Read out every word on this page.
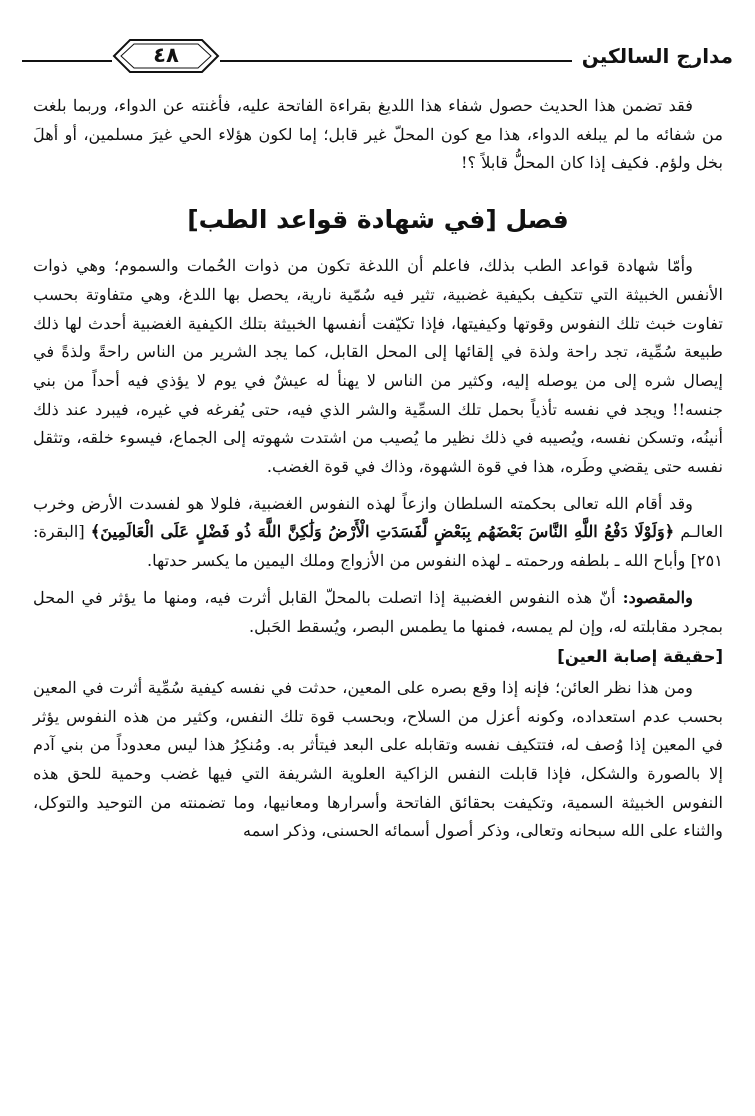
مدارج السالكين
٤٨

فقد تضمن هذا الحديث حصول شفاء هذا اللديغ بقراءة الفاتحة عليه، فأغنته عن الدواء، وربما بلغت من شفائه ما لم يبلغه الدواء، هذا مع كون المحلّ غير قابل؛ إما لكون هؤلاء الحي غيرَ مسلمين، أو أهلَ بخل ولؤم. فكيف إذا كان المحلُّ قابلاً ؟!

فصل [في شهادة قواعد الطب]

وأمّا شهادة قواعد الطب بذلك، فاعلم أن اللدغة تكون من ذوات الحُمات والسموم؛ وهي ذوات الأنفس الخبيثة التي تتكيف بكيفية غضبية، تثير فيه سُمّية نارية، يحصل بها اللدغ، وهي متفاوتة بحسب تفاوت خبث تلك النفوس وقوتها وكيفيتها، فإذا تكيّفت أنفسها الخبيثة بتلك الكيفية الغضبية أحدث لها ذلك طبيعة سُمِّية، تجد راحة ولذة في إلقائها إلى المحل القابل، كما يجد الشرير من الناس راحةً ولذةً في إيصال شره إلى من يوصله إليه، وكثير من الناس لا يهنأ له عيشٌ في يوم لا يؤذي فيه أحداً من بني جنسه!! ويجد في نفسه تأذياً بحمل تلك السمِّية والشر الذي فيه، حتى يُفرغه في غيره، فيبرد عند ذلك أنينُه، وتسكن نفسه، ويُصيبه في ذلك نظير ما يُصيب من اشتدت شهوته إلى الجماع، فيسوء خلقه، وتثقل نفسه حتى يقضي وطَره، هذا في قوة الشهوة، وذاك في قوة الغضب.

وقد أقام الله تعالى بحكمته السلطان وازعاً لهذه النفوس الغضبية، فلولا هو لفسدت الأرض وخرب العالـم ﴿وَلَوْلَا دَفْعُ اللَّهِ النَّاسَ بَعْضَهُم بِبَعْضٍ لَّفَسَدَتِ الْأَرْضُ وَلَٰكِنَّ اللَّهَ ذُو فَضْلٍ عَلَى الْعَالَمِينَ﴾ [البقرة: ٢٥١] وأباح الله ـ بلطفه ورحمته ـ لهذه النفوس من الأزواج وملك اليمين ما يكسر حدتها.

والمقصود: أنّ هذه النفوس الغضبية إذا اتصلت بالمحلّ القابل أثرت فيه، ومنها ما يؤثر في المحل بمجرد مقابلته له، وإن لم يمسه، فمنها ما يطمس البصر، ويُسقط الحَبل.

[حقيقة إصابة العين]

ومن هذا نظر العائن؛ فإنه إذا وقع بصره على المعين، حدثت في نفسه كيفية سُمِّية أثرت في المعين بحسب عدم استعداده، وكونه أعزل من السلاح، وبحسب قوة تلك النفس، وكثير من هذه النفوس يؤثر في المعين إذا وُصف له، فتتكيف نفسه وتقابله على البعد فيتأثر به. ومُنكِرُ هذا ليس معدوداً من بني آدم إلا بالصورة والشكل، فإذا قابلت النفس الزاكية العلوية الشريفة التي فيها غضب وحمية للحق هذه النفوس الخبيثة السمية، وتكيفت بحقائق الفاتحة وأسرارها ومعانيها، وما تضمنته من التوحيد والتوكل، والثناء على الله سبحانه وتعالى، وذكر أصول أسمائه الحسنى، وذكر اسمه
